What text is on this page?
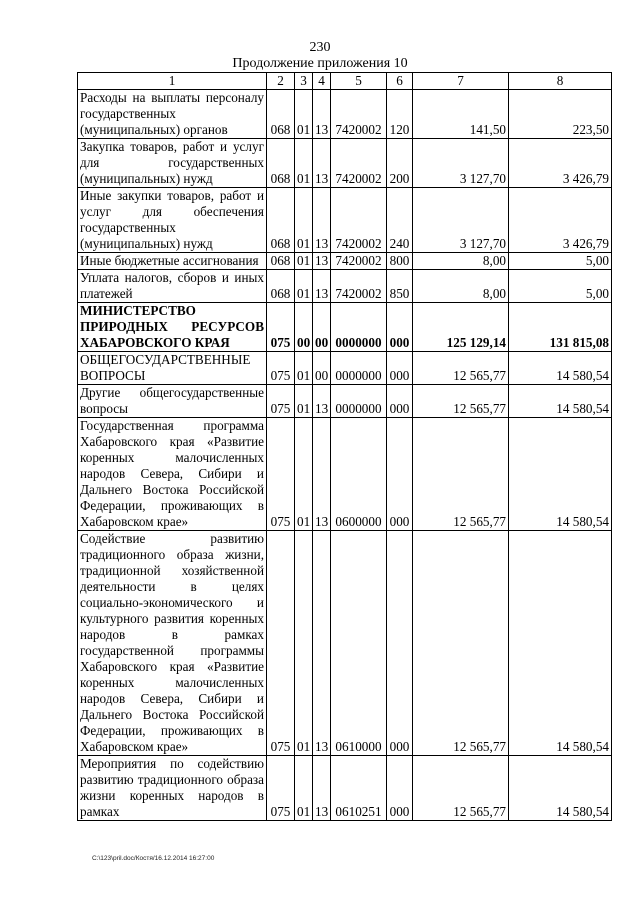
230
Продолжение приложения 10
1	2	3	4	5	6	7	8
Расходы на выплаты персоналу государственных (муниципальных) органов	068	01	13	7420002	120	141,50	223,50
Закупка товаров, работ и услуг для государственных (муниципальных) нужд	068	01	13	7420002	200	3 127,70	3 426,79
Иные закупки товаров, работ и услуг для обеспечения государственных (муниципальных) нужд	068	01	13	7420002	240	3 127,70	3 426,79
Иные бюджетные ассигнования	068	01	13	7420002	800	8,00	5,00
Уплата налогов, сборов и иных платежей	068	01	13	7420002	850	8,00	5,00
МИНИСТЕРСТВО ПРИРОДНЫХ РЕСУРСОВ ХАБАРОВСКОГО КРАЯ	075	00	00	0000000	000	125 129,14	131 815,08
ОБЩЕГОСУДАРСТВЕННЫЕ ВОПРОСЫ	075	01	00	0000000	000	12 565,77	14 580,54
Другие общегосударственные вопросы	075	01	13	0000000	000	12 565,77	14 580,54
Государственная программа Хабаровского края «Развитие коренных малочисленных народов Севера, Сибири и Дальнего Востока Российской Федерации, проживающих в Хабаровском крае»	075	01	13	0600000	000	12 565,77	14 580,54
Содействие развитию традиционного образа жизни, традиционной хозяйственной деятельности в целях социально-экономического и культурного развития коренных народов в рамках государственной программы Хабаровского края «Развитие коренных малочисленных народов Севера, Сибири и Дальнего Востока Российской Федерации, проживающих в Хабаровском крае»	075	01	13	0610000	000	12 565,77	14 580,54
Мероприятия по содействию развитию традиционного образа жизни коренных народов в рамках	075	01	13	0610251	000	12 565,77	14 580,54
C:\123\pril.doc/Костя/16.12.2014 16:27:00
